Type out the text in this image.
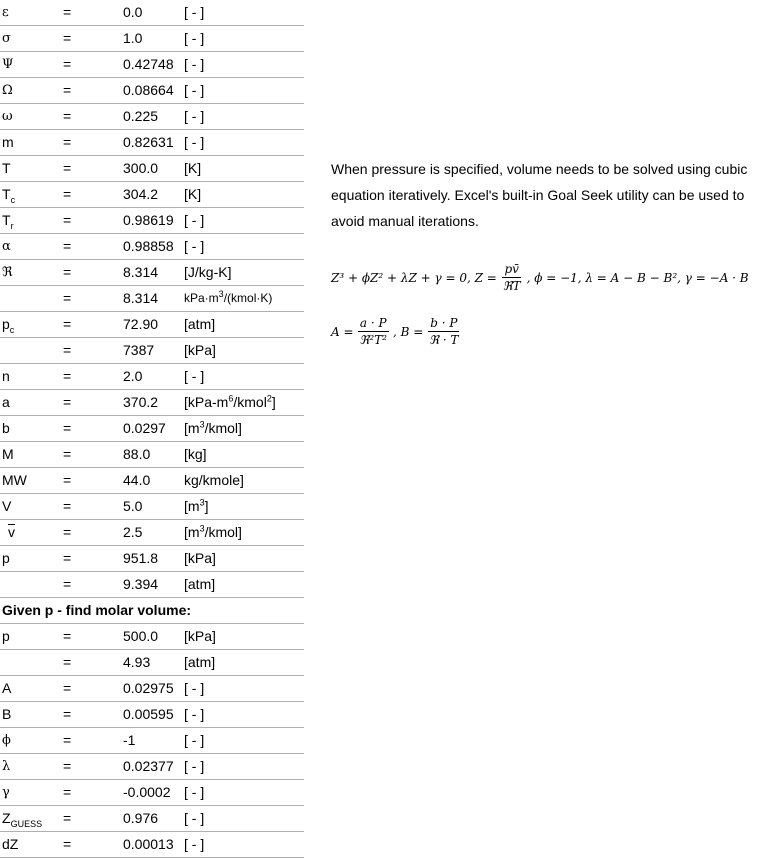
ε	=	0.0	[ - ]
σ	=	1.0	[ - ]
Ψ	=	0.42748 [ - ]
Ω	=	0.08664 [ - ]
ω	=	0.225 [ - ]
m	=	0.82631 [ - ]
T	=	300.0 [K]
$T_c$	=	304.2 [K]
$T_r$	=	0.98619 [ - ]
α	=	0.98858 [ - ]
ℜ	=	8.314 [J/kg-K]
=	8.314 $kPa\cdot m^3/(kmol\cdot K)$
$p_c$	=	72.90 [atm]
=	7387 [kPa]
n	=	2.0	[ - ]
a	=	370.2 $[kPa-m^6/kmol^2]$
b	=	0.0297 $[m^3/kmol]$
M	=	88.0 [kg]
MW	=	44.0 kg/kmole]
V	=	5.0	$[m^3]$
v	=	2.5	$[m^3/kmol]$
p	=	951.8 [kPa]
=	9.394 [atm]
Given p - find molar volume:
p	=	500.0 [kPa]
=	4.93 [atm]
A	=	0.02975 [ - ]
B	=	0.00595 [ - ]
ϕ	=	-1	[ - ]
λ	=	0.02377 [ - ]
γ	=	-0.0002 [ - ]
$Z_{GUESS}$ =	0.976 [ - ]
dZ	=	0.00013 [ - ]
When pressure is specified, volume needs to be solved using cubic equation iteratively. Excel's built-in Goal Seek utility can be used to avoid manual iterations.
Z³ + ϕZ² + λZ + γ = 0, $Z = \frac{pv̄}{\text{ℜT}}$ , ϕ = −1, λ = A − B − B², γ = −A · B
$A = \frac{a \cdot P}{\text{ℜ²T²}}$ , $B = \frac{b \cdot P}{\text{ℜ · T}}$
